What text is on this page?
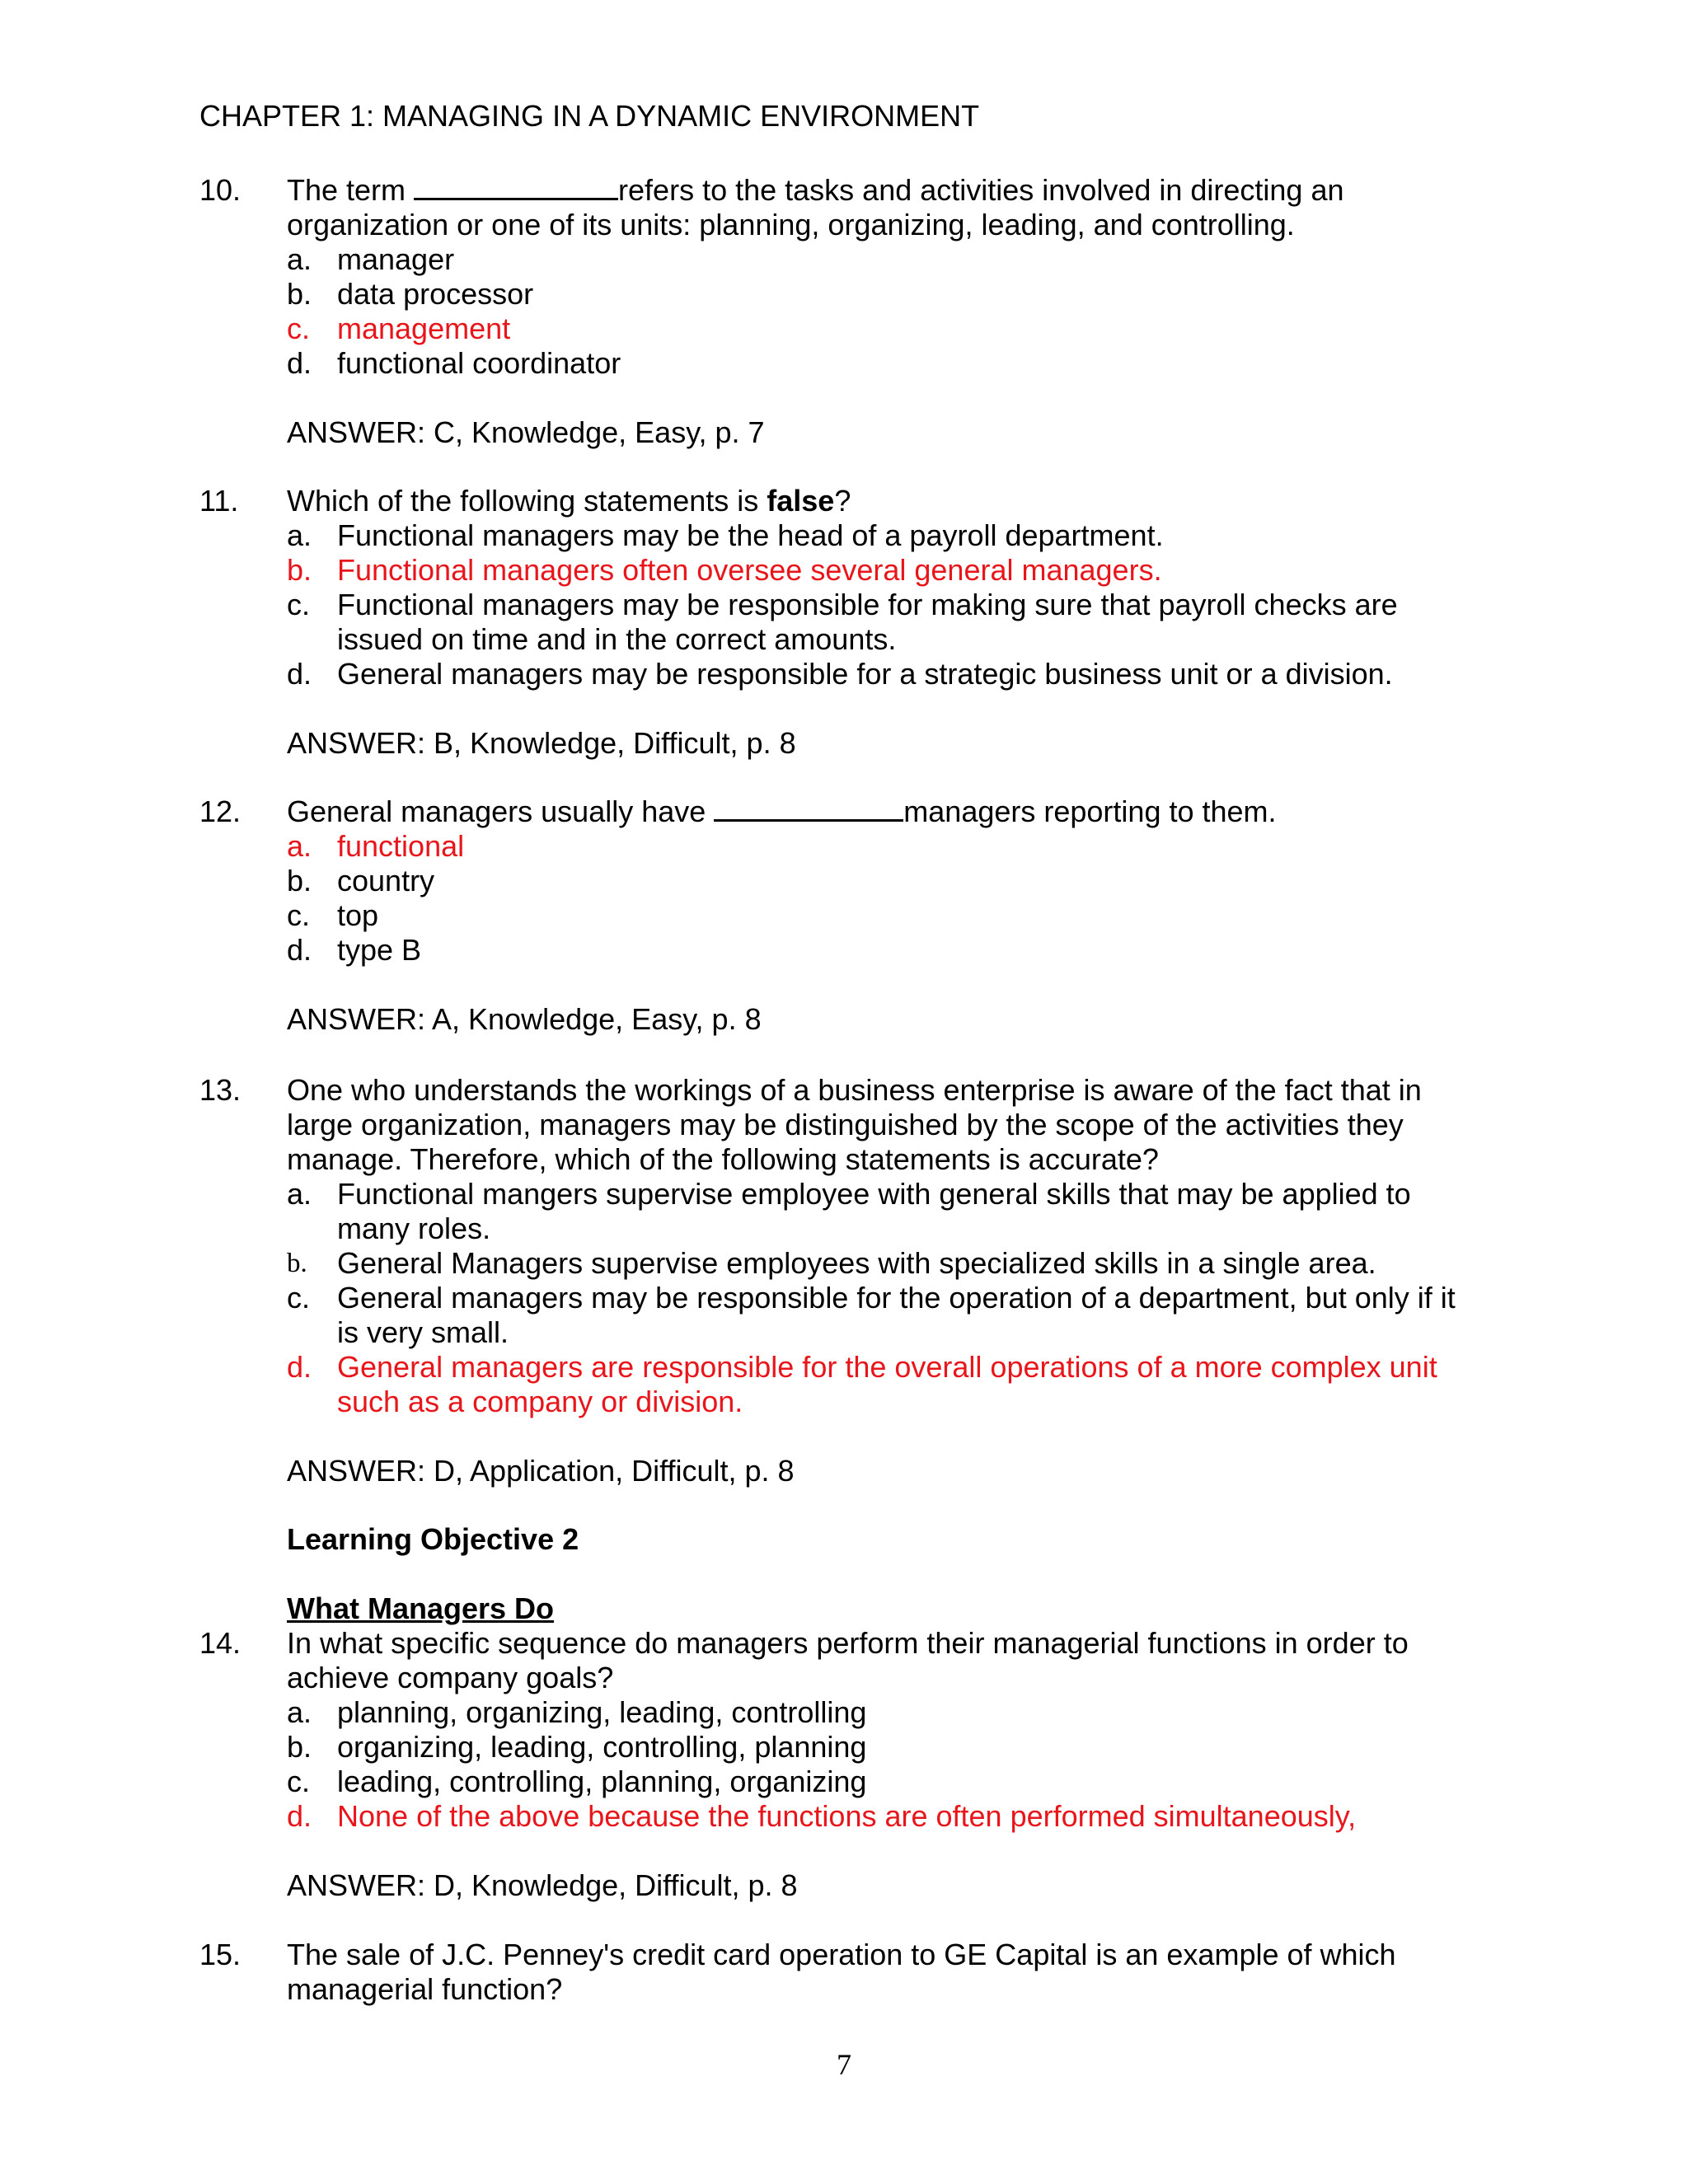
CHAPTER 1: MANAGING IN A DYNAMIC ENVIRONMENT
10. The term	refers to the tasks and activities involved in directing an
organization or one of its units: planning, organizing, leading, and controlling.
a. manager
b. data processor
c. management
d. functional coordinator
ANSWER: C, Knowledge, Easy, p. 7
11. Which of the following statements is false?
a. Functional managers may be the head of a payroll department.
b. Functional managers often oversee several general managers.
c. Functional managers may be responsible for making sure that payroll checks are issued on time and in the correct amounts.
d. General managers may be responsible for a strategic business unit or a division.
ANSWER: B, Knowledge, Difficult, p. 8
12. General managers usually have	managers reporting to them.
a. functional
b. country
c. top
d. type B
ANSWER: A, Knowledge, Easy, p. 8
13. One who understands the workings of a business enterprise is aware of the fact that in large organization, managers may be distinguished by the scope of the activities they manage. Therefore, which of the following statements is accurate?
a. Functional mangers supervise employee with general skills that may be applied to many roles.
b. General Managers supervise employees with specialized skills in a single area.
c. General managers may be responsible for the operation of a department, but only if it is very small.
d. General managers are responsible for the overall operations of a more complex unit such as a company or division.
ANSWER: D, Application, Difficult, p. 8
Learning Objective 2
What Managers Do
14. In what specific sequence do managers perform their managerial functions in order to achieve company goals?
a. planning, organizing, leading, controlling
b. organizing, leading, controlling, planning
c. leading, controlling, planning, organizing
d. None of the above because the functions are often performed simultaneously,
ANSWER: D, Knowledge, Difficult, p. 8
15. The sale of J.C. Penney's credit card operation to GE Capital is an example of which managerial function?
7
